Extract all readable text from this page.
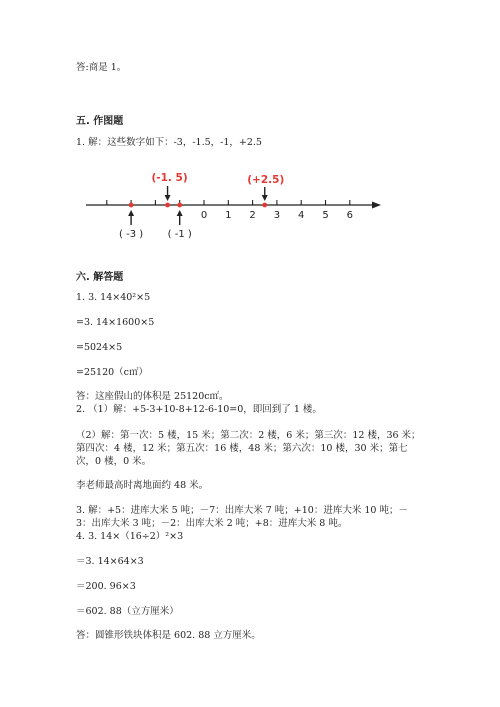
答:商是 1。
五. 作图题
1. 解：这些数字如下：-3，-1.5，-1，+2.5
0 1 2 3 4 5 6
(-1. 5)	(+2.5)
( -3 ) ( -1 )
六. 解答题
1. 3. 14×40²×5
=3. 14×1600×5
=5024×5
=25120（c㎡）
答：这座假山的体积是 25120c㎡。
2. （1）解：+5-3+10-8+12-6-10=0，即回到了 1 楼。
（2）解：第一次：5 楼，15 米；第二次：2 楼，6 米；第三次：12 楼，36 米；
第四次：4 楼，12 米；第五次：16 楼，48 米；第六次：10 楼，30 米；第七
次，0 楼，0 米。
李老师最高时离地面约 48 米。
3. 解：+5：进库大米 5 吨；－7：出库大米 7 吨；+10：进库大米 10 吨；－
3：出库大米 3 吨；－2：出库大米 2 吨；+8：进库大米 8 吨。
4. 3. 14×（16÷2）²×3
＝3. 14×64×3
＝200. 96×3
＝602. 88（立方厘米）
答：圆锥形铁块体积是 602. 88 立方厘米。
